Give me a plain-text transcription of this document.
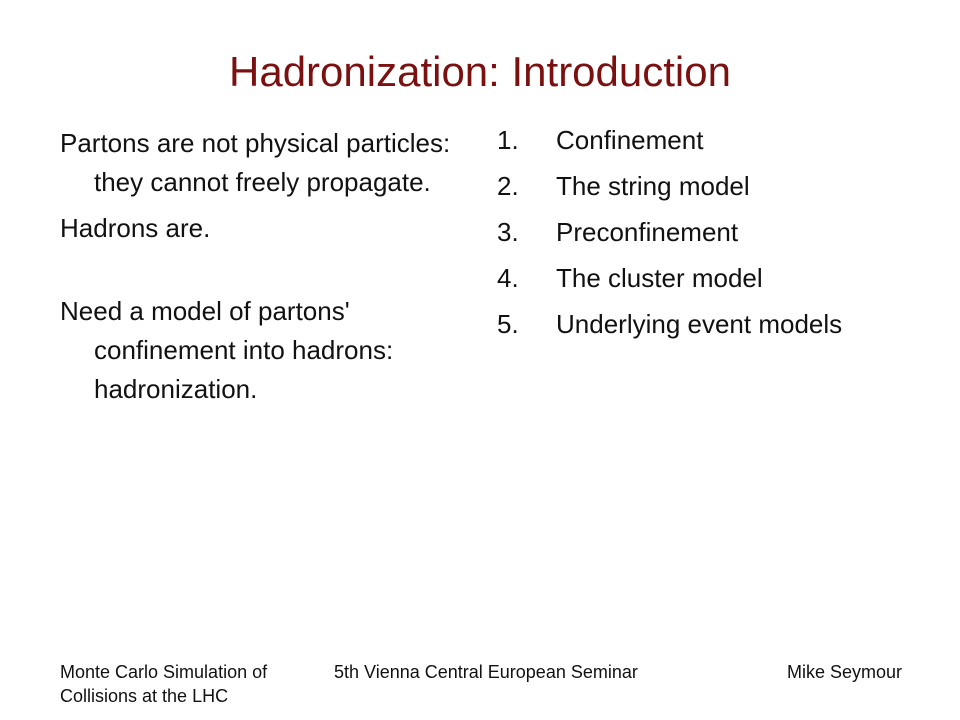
Hadronization: Introduction

Partons are not physical particles: they cannot freely propagate.

Hadrons are.

Need a model of partons' confinement into hadrons: hadronization.

1.	Confinement
2.	The string model
3.	Preconfinement
4.	The cluster model
5.	Underlying event models
Monte Carlo Simulation of Collisions at the LHC
5th Vienna Central European Seminar	Mike Seymour
